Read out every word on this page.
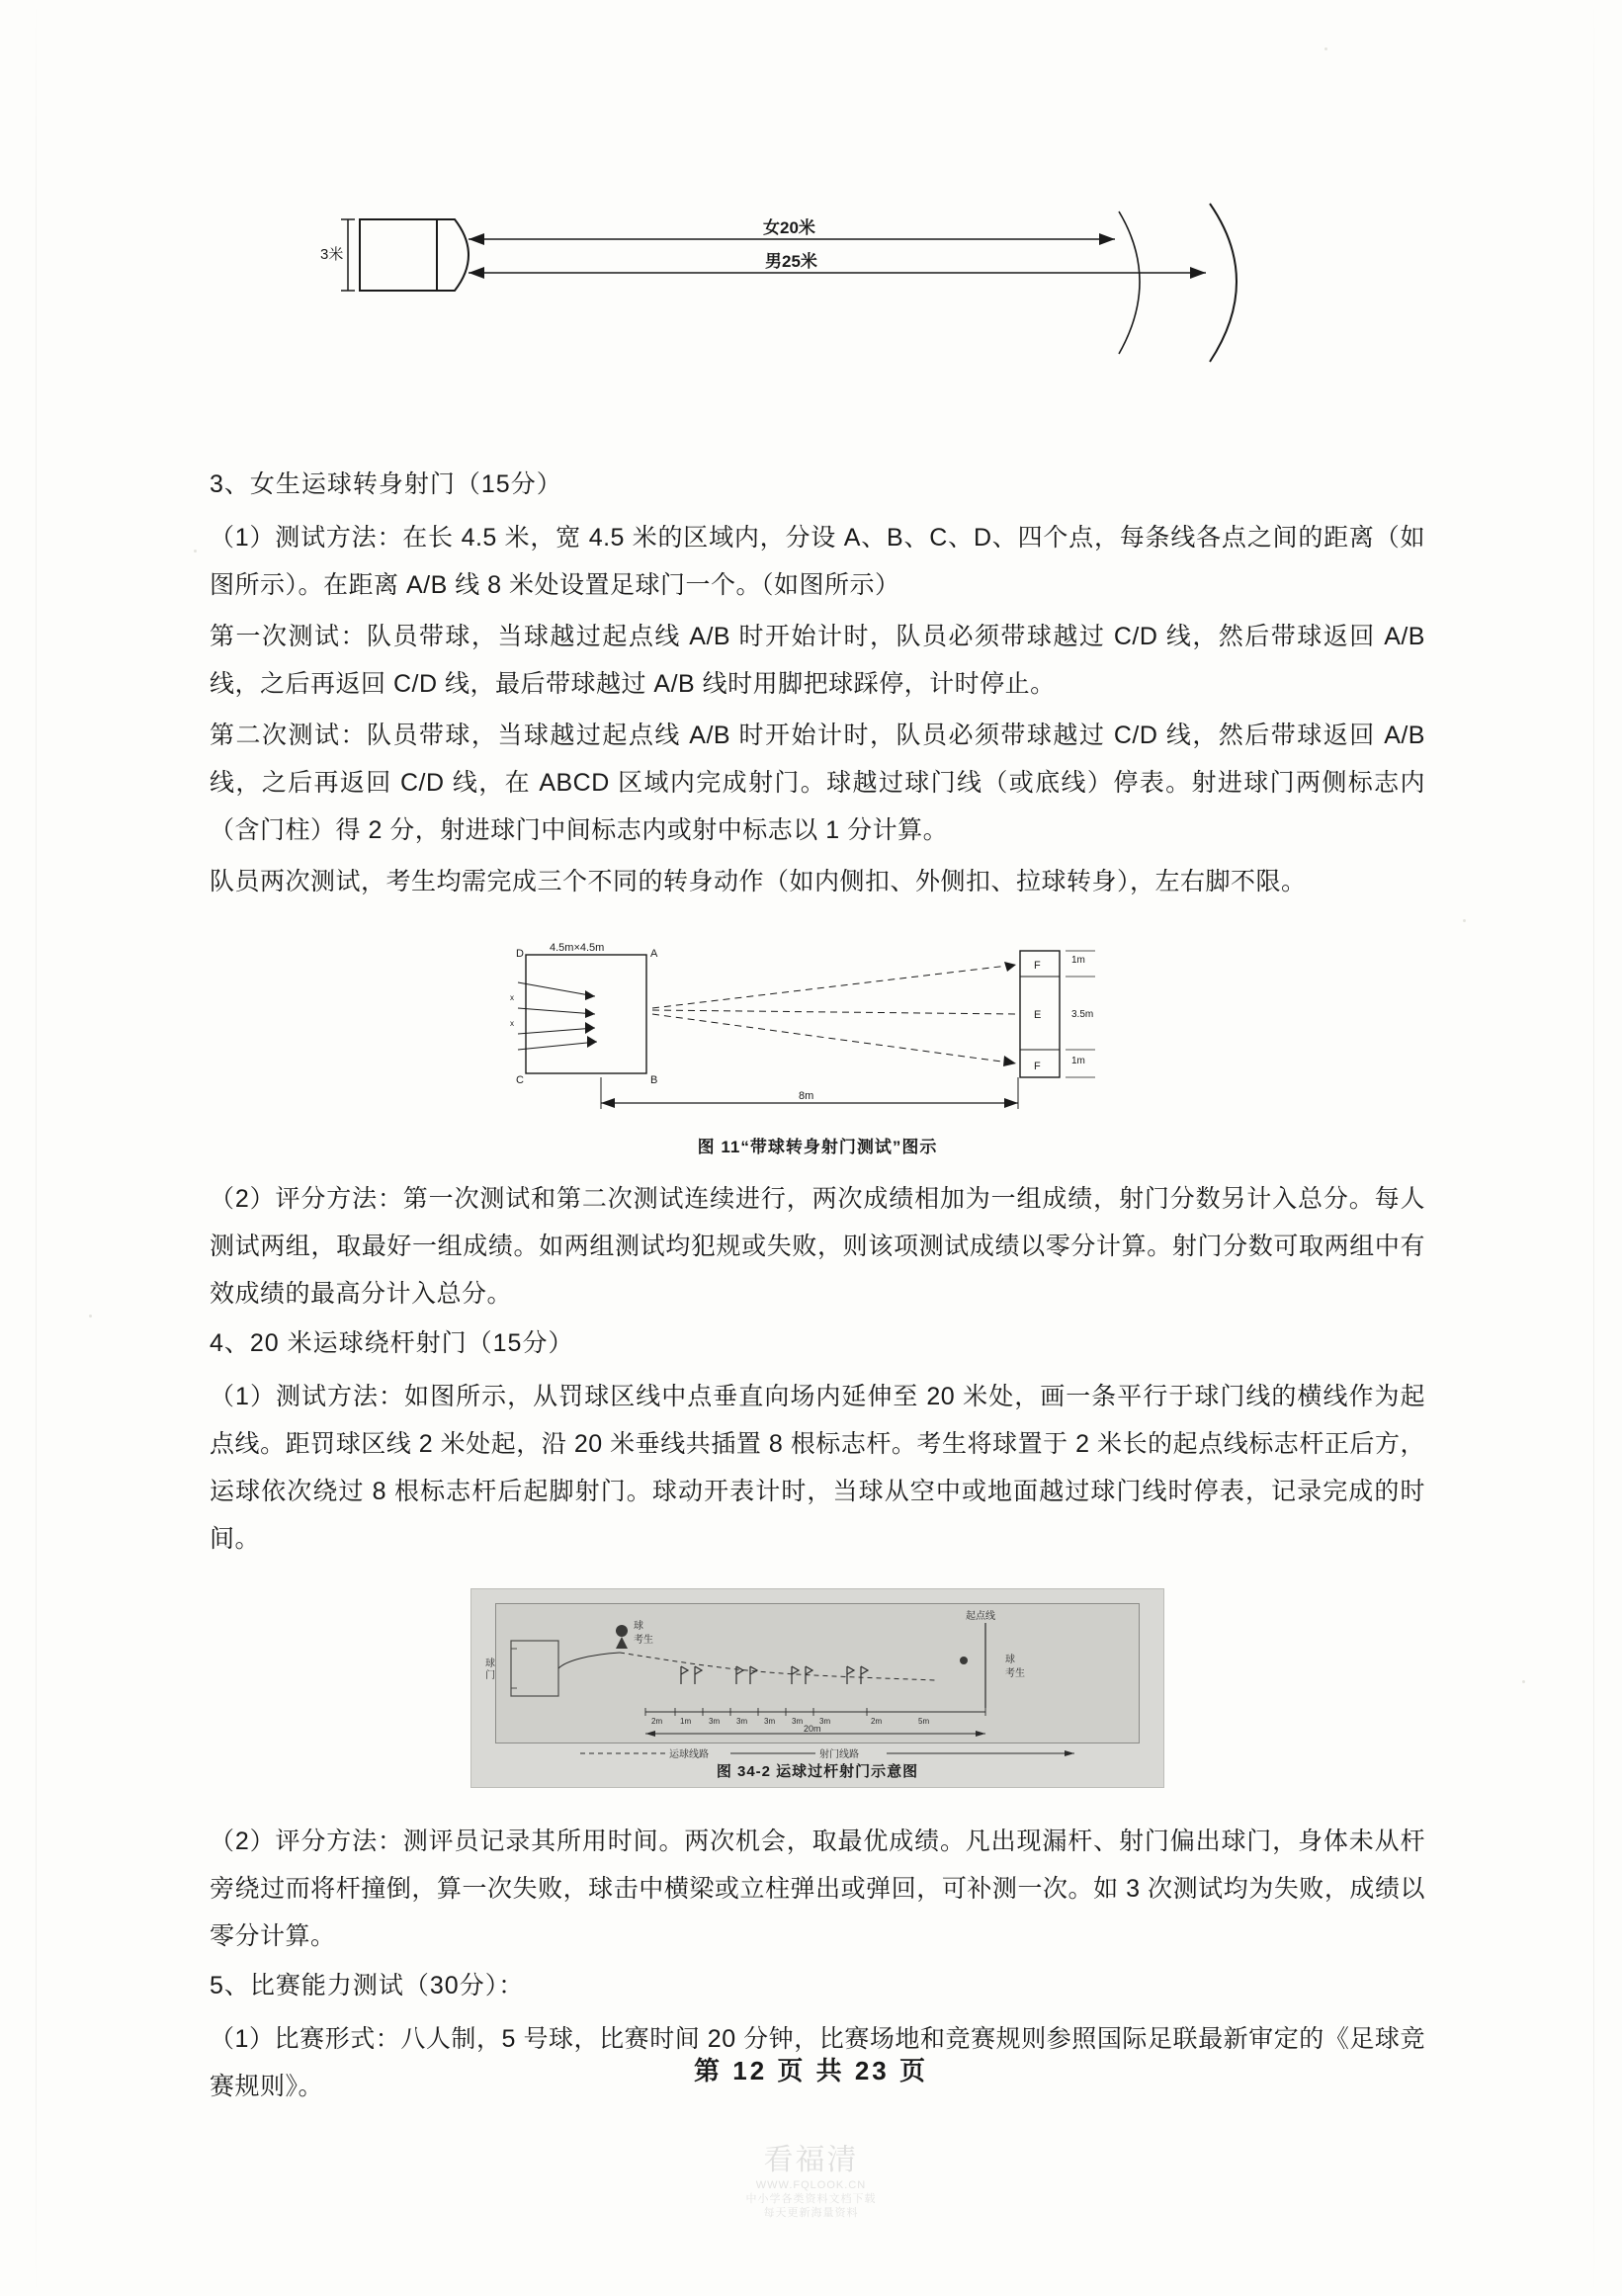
3米
女20米
男25米
3、女生运球转身射门（15分）

（1）测试方法：在长 4.5 米，宽 4.5 米的区域内，分设 A、B、C、D、四个点，每条线各点之间的距离（如图所示）。在距离 A/B 线 8 米处设置足球门一个。（如图所示）

第一次测试：队员带球，当球越过起点线 A/B 时开始计时，队员必须带球越过 C/D 线，然后带球返回 A/B 线，之后再返回 C/D 线，最后带球越过 A/B 线时用脚把球踩停，计时停止。

第二次测试：队员带球，当球越过起点线 A/B 时开始计时，队员必须带球越过 C/D 线，然后带球返回 A/B 线，之后再返回 C/D 线，在 ABCD 区域内完成射门。球越过球门线（或底线）停表。射进球门两侧标志内（含门柱）得 2 分，射进球门中间标志内或射中标志以 1 分计算。

队员两次测试，考生均需完成三个不同的转身动作（如内侧扣、外侧扣、拉球转身），左右脚不限。

4.5m×4.5m
D	A
C	B
x
x
F
E
F
1m
3.5m
1m
8m
图 11“带球转身射门测试”图示

（2）评分方法：第一次测试和第二次测试连续进行，两次成绩相加为一组成绩，射门分数另计入总分。每人测试两组，取最好一组成绩。如两组测试均犯规或失败，则该项测试成绩以零分计算。射门分数可取两组中有效成绩的最高分计入总分。

4、20 米运球绕杆射门（15分）

（1）测试方法：如图所示，从罚球区线中点垂直向场内延伸至 20 米处，画一条平行于球门线的横线作为起点线。距罚球区线 2 米处起，沿 20 米垂线共插置 8 根标志杆。考生将球置于 2 米长的起点线标志杆正后方，运球依次绕过 8 根标志杆后起脚射门。球动开表计时，当球从空中或地面越过球门线时停表，记录完成的时间。

球
门
球
考生
起点线
球
考生
2m 1m 3m 3m 3m 3m 3m	2m	5m
20m
运球线路	射门线路
图 34-2 运球过杆射门示意图

（2）评分方法：测评员记录其所用时间。两次机会，取最优成绩。凡出现漏杆、射门偏出球门，身体未从杆旁绕过而将杆撞倒，算一次失败，球击中横梁或立柱弹出或弹回，可补测一次。如 3 次测试均为失败，成绩以零分计算。

5、比赛能力测试（30分）：

（1）比赛形式：八人制，5 号球，比赛时间 20 分钟，比赛场地和竞赛规则参照国际足联最新审定的《足球竞赛规则》。

第 12 页 共 23 页
看福清
WWW.FQLOOK.CN
中小学各类资料文档下载
每天更新海量资料
